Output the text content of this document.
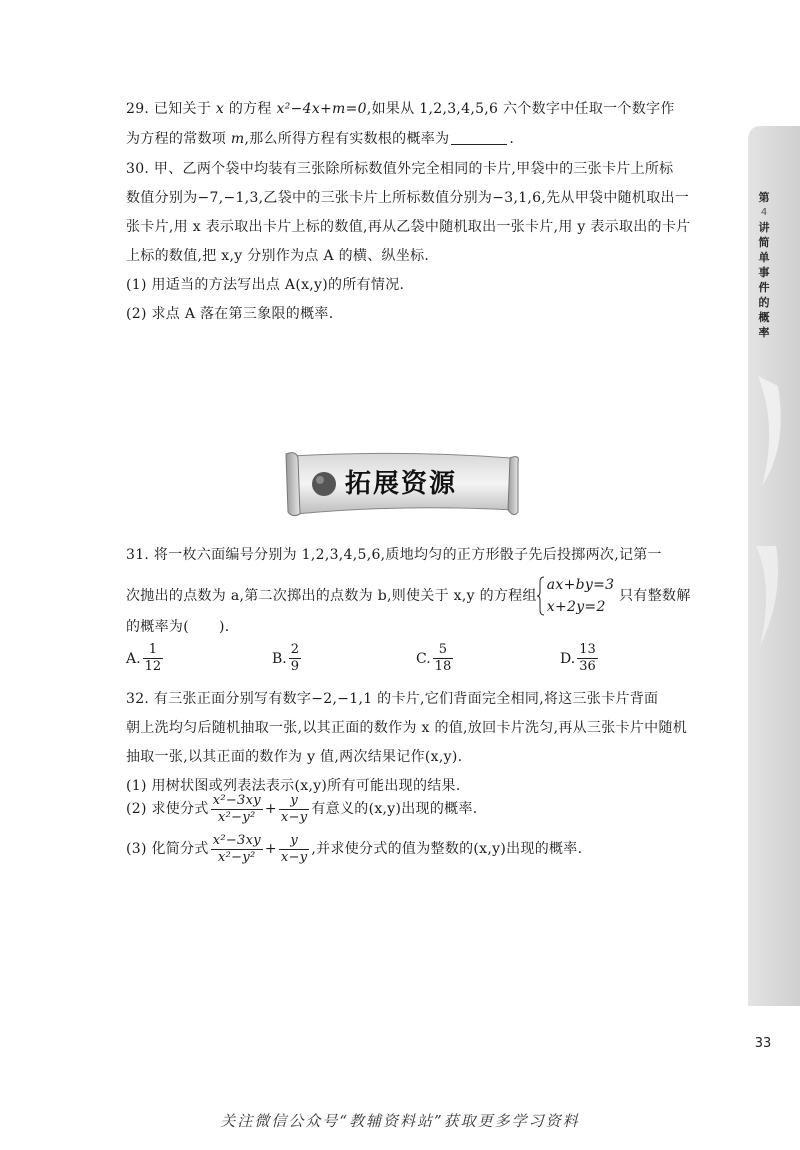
29. 已知关于 x 的方程 x²−4x+m=0,如果从 1,2,3,4,5,6 六个数字中任取一个数字作
为方程的常数项 m,那么所得方程有实数根的概率为	.
30. 甲、乙两个袋中均装有三张除所标数值外完全相同的卡片,甲袋中的三张卡片上所标
数值分别为−7,−1,3,乙袋中的三张卡片上所标数值分别为−3,1,6,先从甲袋中随机取出一
张卡片,用 x 表示取出卡片上标的数值,再从乙袋中随机取出一张卡片,用 y 表示取出的卡片
上标的数值,把 x,y 分别作为点 A 的横、纵坐标.
(1) 用适当的方法写出点 A(x,y)的所有情况.
(2) 求点 A 落在第三象限的概率.
拓展资源
31. 将一枚六面编号分别为 1,2,3,4,5,6,质地均匀的正方形骰子先后投掷两次,记第一
次抛出的点数为 a,第二次掷出的点数为 b,则使关于 x,y 的方程组
ax+by=3
x+2y=2
只有整数解
的概率为( ).
A. $\frac{1}{12}$	B. $\frac{2}{9}$	C. $\frac{5}{18}$	D. $\frac{13}{36}$
32. 有三张正面分别写有数字−2,−1,1 的卡片,它们背面完全相同,将这三张卡片背面
朝上洗均匀后随机抽取一张,以其正面的数作为 x 的值,放回卡片洗匀,再从三张卡片中随机
抽取一张,以其正面的数作为 y 值,两次结果记作(x,y).
(1) 用树状图或列表法表示(x,y)所有可能出现的结果.
(2) 求使分式 $\frac{\text{x²−3xy}}{\text{x²−y²}} + \frac{y}{x-y}$ 有意义的(x,y)出现的概率.
(3) 化简分式 $\frac{\text{x²−3xy}}{\text{x²−y²}} + \frac{y}{x-y}$ ,并求使分式的值为整数的(x,y)出现的概率.
第
4
讲
简
单
事
件
的
概
率
33
关注微信公众号“教辅资料站”获取更多学习资料
